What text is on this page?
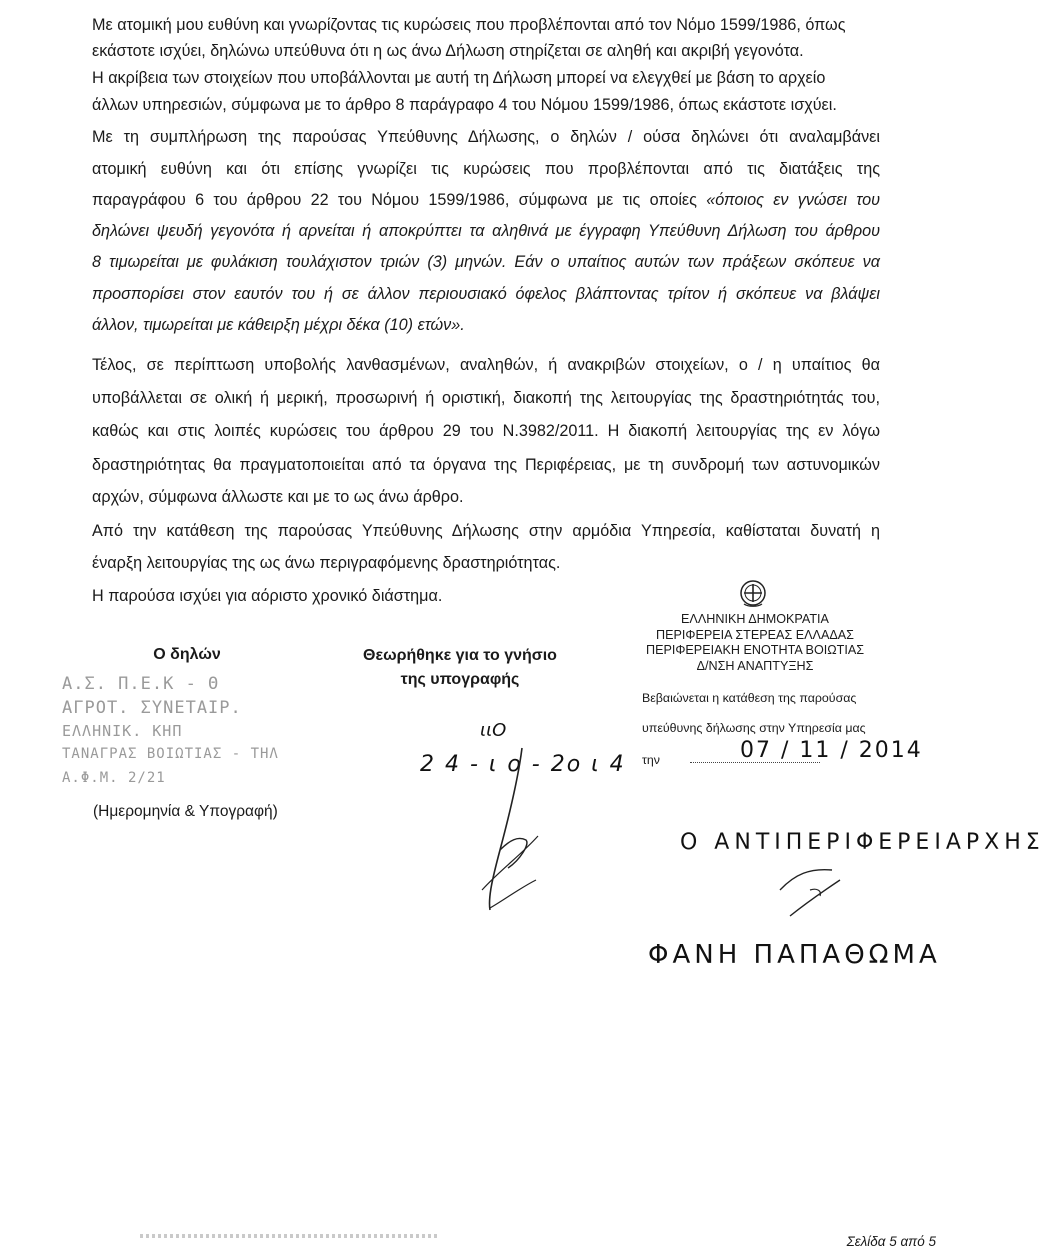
Με ατομική μου ευθύνη και γνωρίζοντας τις κυρώσεις που προβλέπονται από τον Νόμο 1599/1986, όπως
εκάστοτε ισχύει, δηλώνω υπεύθυνα ότι η ως άνω Δήλωση στηρίζεται σε αληθή και ακριβή γεγονότα.
Η ακρίβεια των στοιχείων που υποβάλλονται με αυτή τη Δήλωση μπορεί να ελεγχθεί με βάση το αρχείο
άλλων υπηρεσιών, σύμφωνα με το άρθρο 8 παράγραφο 4 του Νόμου 1599/1986, όπως εκάστοτε ισχύει.
Με τη συμπλήρωση της παρούσας Υπεύθυνης Δήλωσης, ο δηλών / ούσα δηλώνει ότι αναλαμβάνει
ατομική ευθύνη και ότι επίσης γνωρίζει τις κυρώσεις που προβλέπονται από τις διατάξεις της
παραγράφου 6 του άρθρου 22 του Νόμου 1599/1986, σύμφωνα με τις οποίες «όποιος εν γνώσει του
δηλώνει ψευδή γεγονότα ή αρνείται ή αποκρύπτει τα αληθινά με έγγραφη Υπεύθυνη Δήλωση του άρθρου
8 τιμωρείται με φυλάκιση τουλάχιστον τριών (3) μηνών. Εάν ο υπαίτιος αυτών των πράξεων σκόπευε να
προσπορίσει στον εαυτόν του ή σε άλλον περιουσιακό όφελος βλάπτοντας τρίτον ή σκόπευε να βλάψει
άλλον, τιμωρείται με κάθειρξη μέχρι δέκα (10) ετών».
Τέλος, σε περίπτωση υποβολής λανθασμένων, αναληθών, ή ανακριβών στοιχείων, ο / η υπαίτιος θα
υποβάλλεται σε ολική ή μερική, προσωρινή ή οριστική, διακοπή της λειτουργίας της δραστηριότητάς του,
καθώς και στις λοιπές κυρώσεις του άρθρου 29 του Ν.3982/2011. Η διακοπή λειτουργίας της εν λόγω
δραστηριότητας θα πραγματοποιείται από τα όργανα της Περιφέρειας, με τη συνδρομή των αστυνομικών
αρχών, σύμφωνα άλλωστε και με το ως άνω άρθρο.
Από την κατάθεση της παρούσας Υπεύθυνης Δήλωσης στην αρμόδια Υπηρεσία, καθίσταται δυνατή η
έναρξη λειτουργίας της ως άνω περιγραφόμενης δραστηριότητας.
Η παρούσα ισχύει για αόριστο χρονικό διάστημα.
Ο δηλών
Α.Σ. Π.Ε.Κ - Θ
ΑΓΡΟΤ. ΣΥΝΕΤΑΙΡ.
ΕΛΛΗΝΙΚ. ΚΗΠ
ΤΑΝΑΓΡΑΣ ΒΟΙΩΤΙΑΣ - ΤΗΛ
Α.Φ.Μ. 2/21
(Ημερομηνία & Υπογραφή)
Θεωρήθηκε για το γνήσιο
της υπογραφής
ιιΟ
2 4 - ι ο - 2ο ι 4
ΕΛΛΗΝΙΚΗ ΔΗΜΟΚΡΑΤΙΑ
ΠΕΡΙΦΕΡΕΙΑ ΣΤΕΡΕΑΣ ΕΛΛΑΔΑΣ
ΠΕΡΙΦΕΡΕΙΑΚΗ ΕΝΟΤΗΤΑ ΒΟΙΩΤΙΑΣ
Δ/ΝΣΗ ΑΝΑΠΤΥΞΗΣ
Βεβαιώνεται η κατάθεση της παρούσας
υπεύθυνης δήλωσης στην Υπηρεσία μας
την	07 / 11 / 2014
Ο ΑΝΤΙΠΕΡΙΦΕΡΕΙΑΡΧΗΣ
ΦΑΝΗ ΠΑΠΑΘΩΜΑ
Σελίδα 5 από 5
